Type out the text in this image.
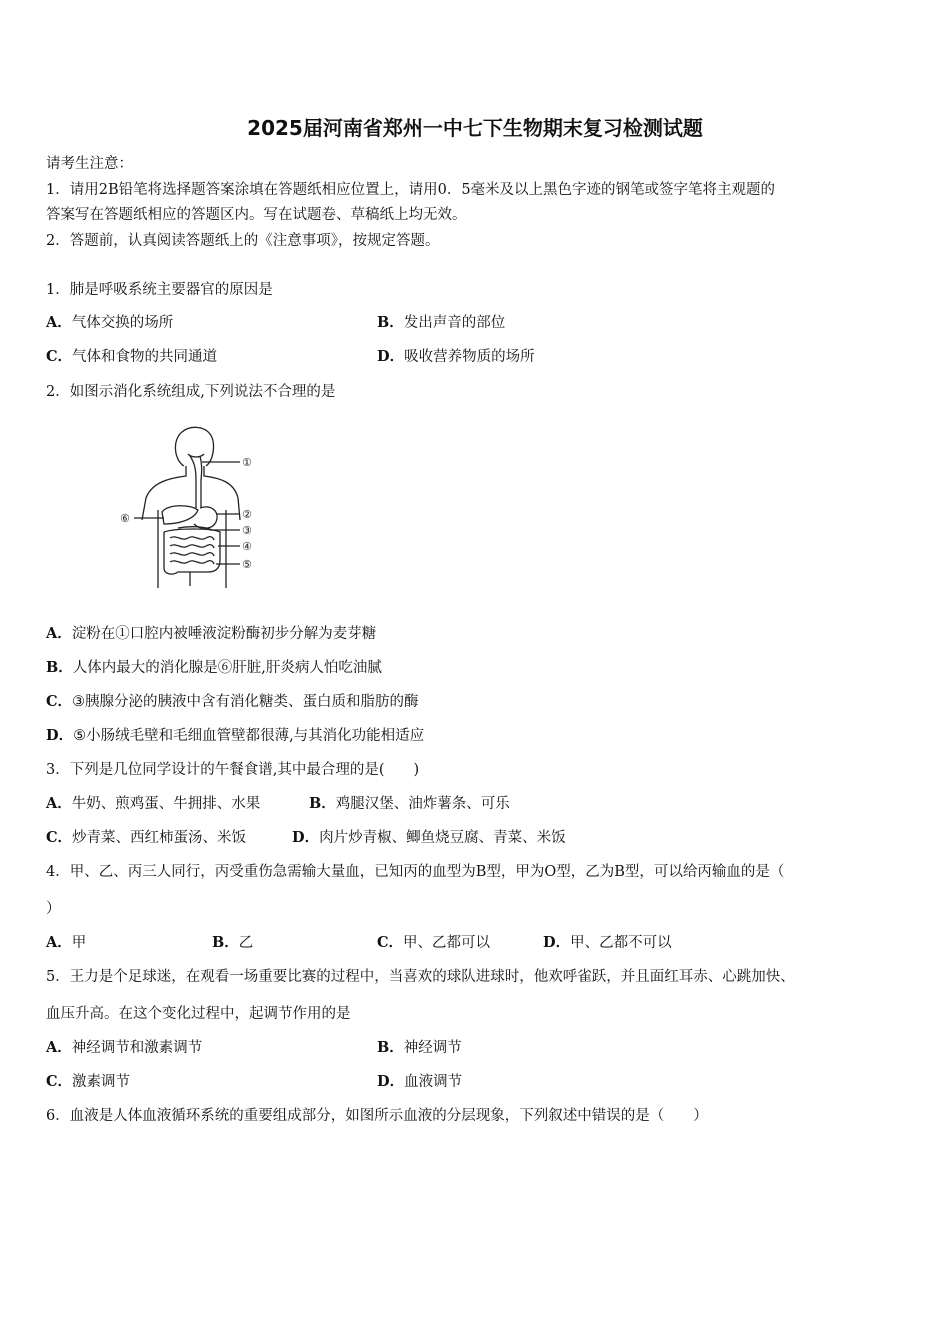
2025届河南省郑州一中七下生物期末复习检测试题
请考生注意：
1．请用2B铅笔将选择题答案涂填在答题纸相应位置上，请用0．5毫米及以上黑色字迹的钢笔或签字笔将主观题的
答案写在答题纸相应的答题区内。写在试题卷、草稿纸上均无效。
2．答题前，认真阅读答题纸上的《注意事项》，按规定答题。
1．肺是呼吸系统主要器官的原因是
A．气体交换的场所	B．发出声音的部位
C．气体和食物的共同通道	D．吸收营养物质的场所
2．如图示消化系统组成,下列说法不合理的是
①
②
③
④
⑤
⑥
A．淀粉在①口腔内被唾液淀粉酶初步分解为麦芽糖
B．人体内最大的消化腺是⑥肝脏,肝炎病人怕吃油腻
C．③胰腺分泌的胰液中含有消化糖类、蛋白质和脂肪的酶
D．⑤小肠绒毛壁和毛细血管壁都很薄,与其消化功能相适应
3．下列是几位同学设计的午餐食谱,其中最合理的是(　　)
A．牛奶、煎鸡蛋、牛拥排、水果	B．鸡腿汉堡、油炸薯条、可乐
C．炒青菜、西红柿蛋汤、米饭	D．肉片炒青椒、鲫鱼烧豆腐、青菜、米饭
4．甲、乙、丙三人同行，丙受重伤急需输大量血，已知丙的血型为B型，甲为O型，乙为B型，可以给丙输血的是（
）
A．甲	B．乙	C．甲、乙都可以	D．甲、乙都不可以
5．王力是个足球迷，在观看一场重要比赛的过程中，当喜欢的球队进球时，他欢呼雀跃，并且面红耳赤、心跳加快、
血压升高。在这个变化过程中，起调节作用的是
A．神经调节和激素调节	B．神经调节
C．激素调节	D．血液调节
6．血液是人体血液循环系统的重要组成部分，如图所示血液的分层现象，下列叙述中错误的是（　　）
